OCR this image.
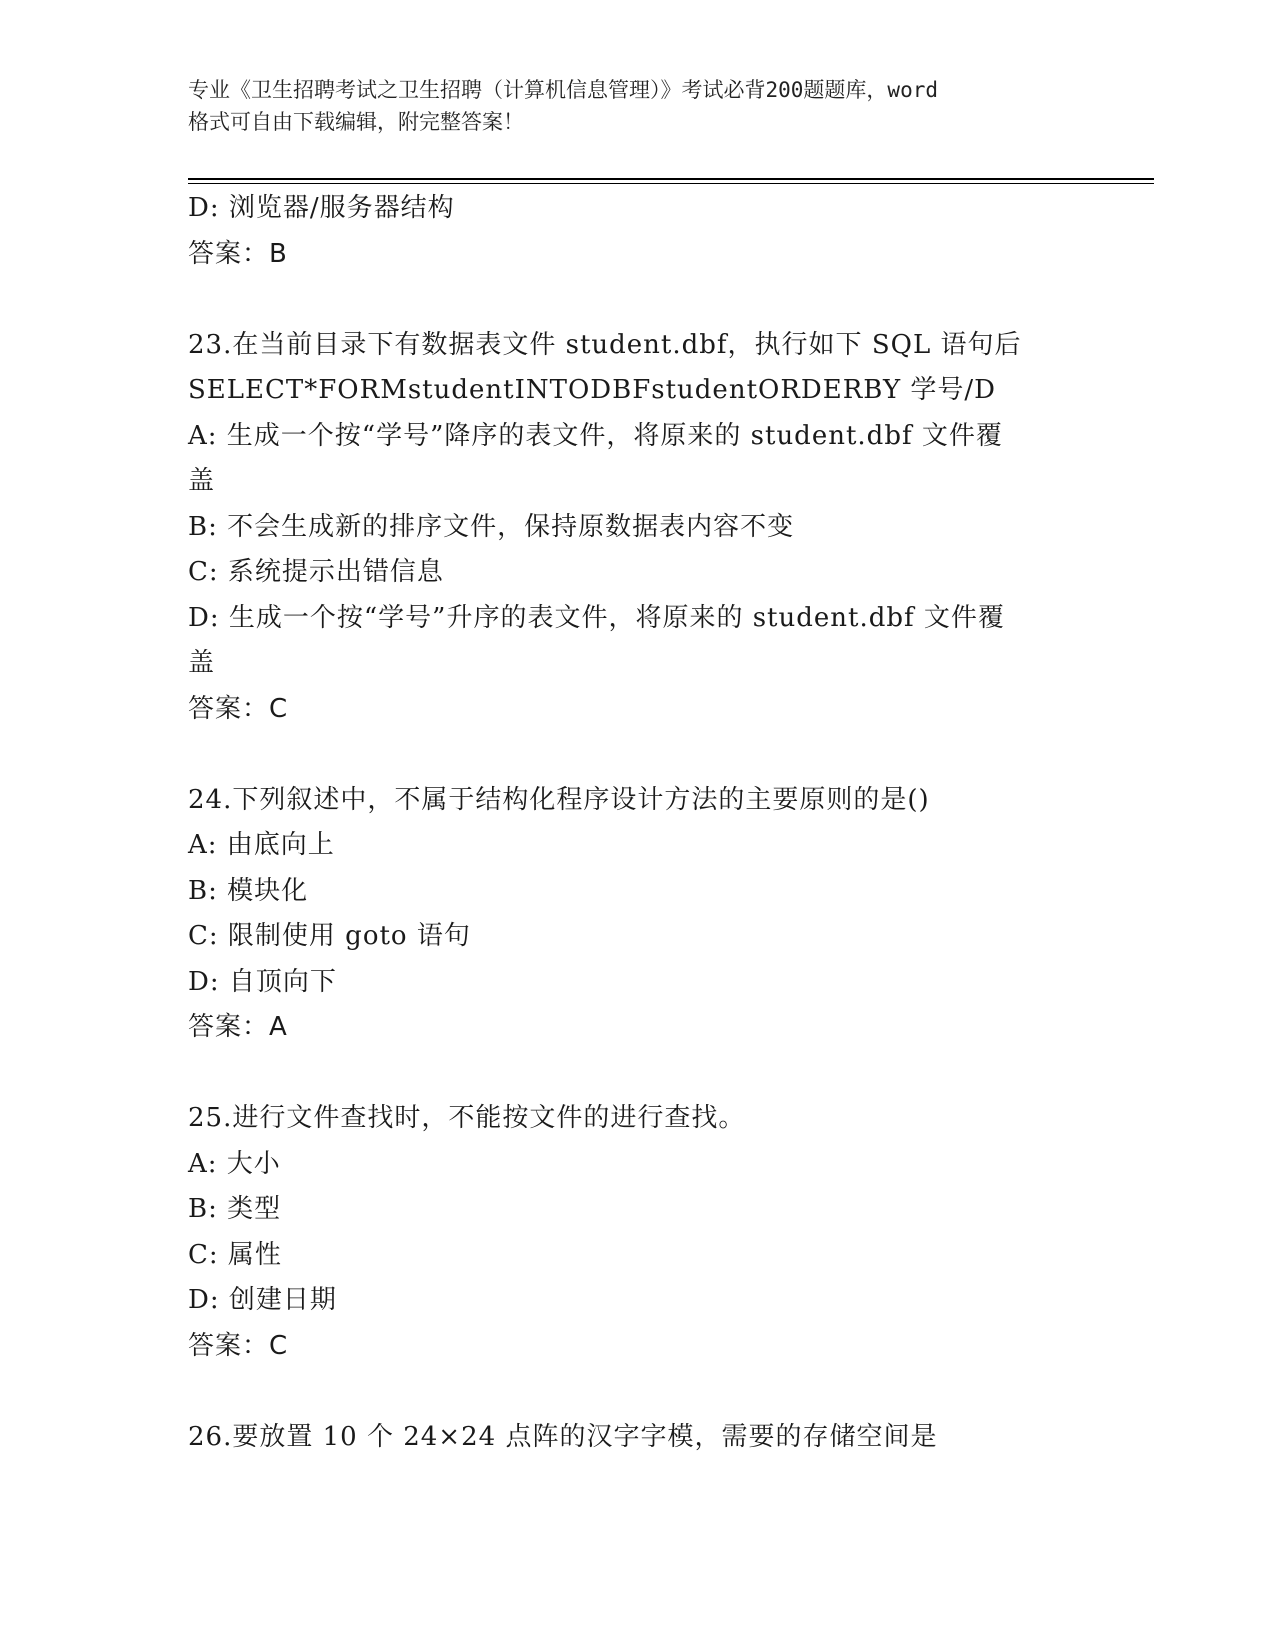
专业《卫生招聘考试之卫生招聘（计算机信息管理）》考试必背200题题库，word
格式可自由下载编辑，附完整答案！
D: 浏览器/服务器结构
答案：B
23.在当前目录下有数据表文件 student.dbf，执行如下 SQL 语句后
SELECT*FORMstudentINTODBFstudentORDERBY 学号/D
A: 生成一个按“学号”降序的表文件，将原来的 student.dbf 文件覆
盖
B: 不会生成新的排序文件，保持原数据表内容不变
C: 系统提示出错信息
D: 生成一个按“学号”升序的表文件，将原来的 student.dbf 文件覆
盖
答案：C
24.下列叙述中，不属于结构化程序设计方法的主要原则的是()
A: 由底向上
B: 模块化
C: 限制使用 goto 语句
D: 自顶向下
答案：A
25.进行文件查找时，不能按文件的进行查找。
A: 大小
B: 类型
C: 属性
D: 创建日期
答案：C
26.要放置 10 个 24×24 点阵的汉字字模，需要的存储空间是
